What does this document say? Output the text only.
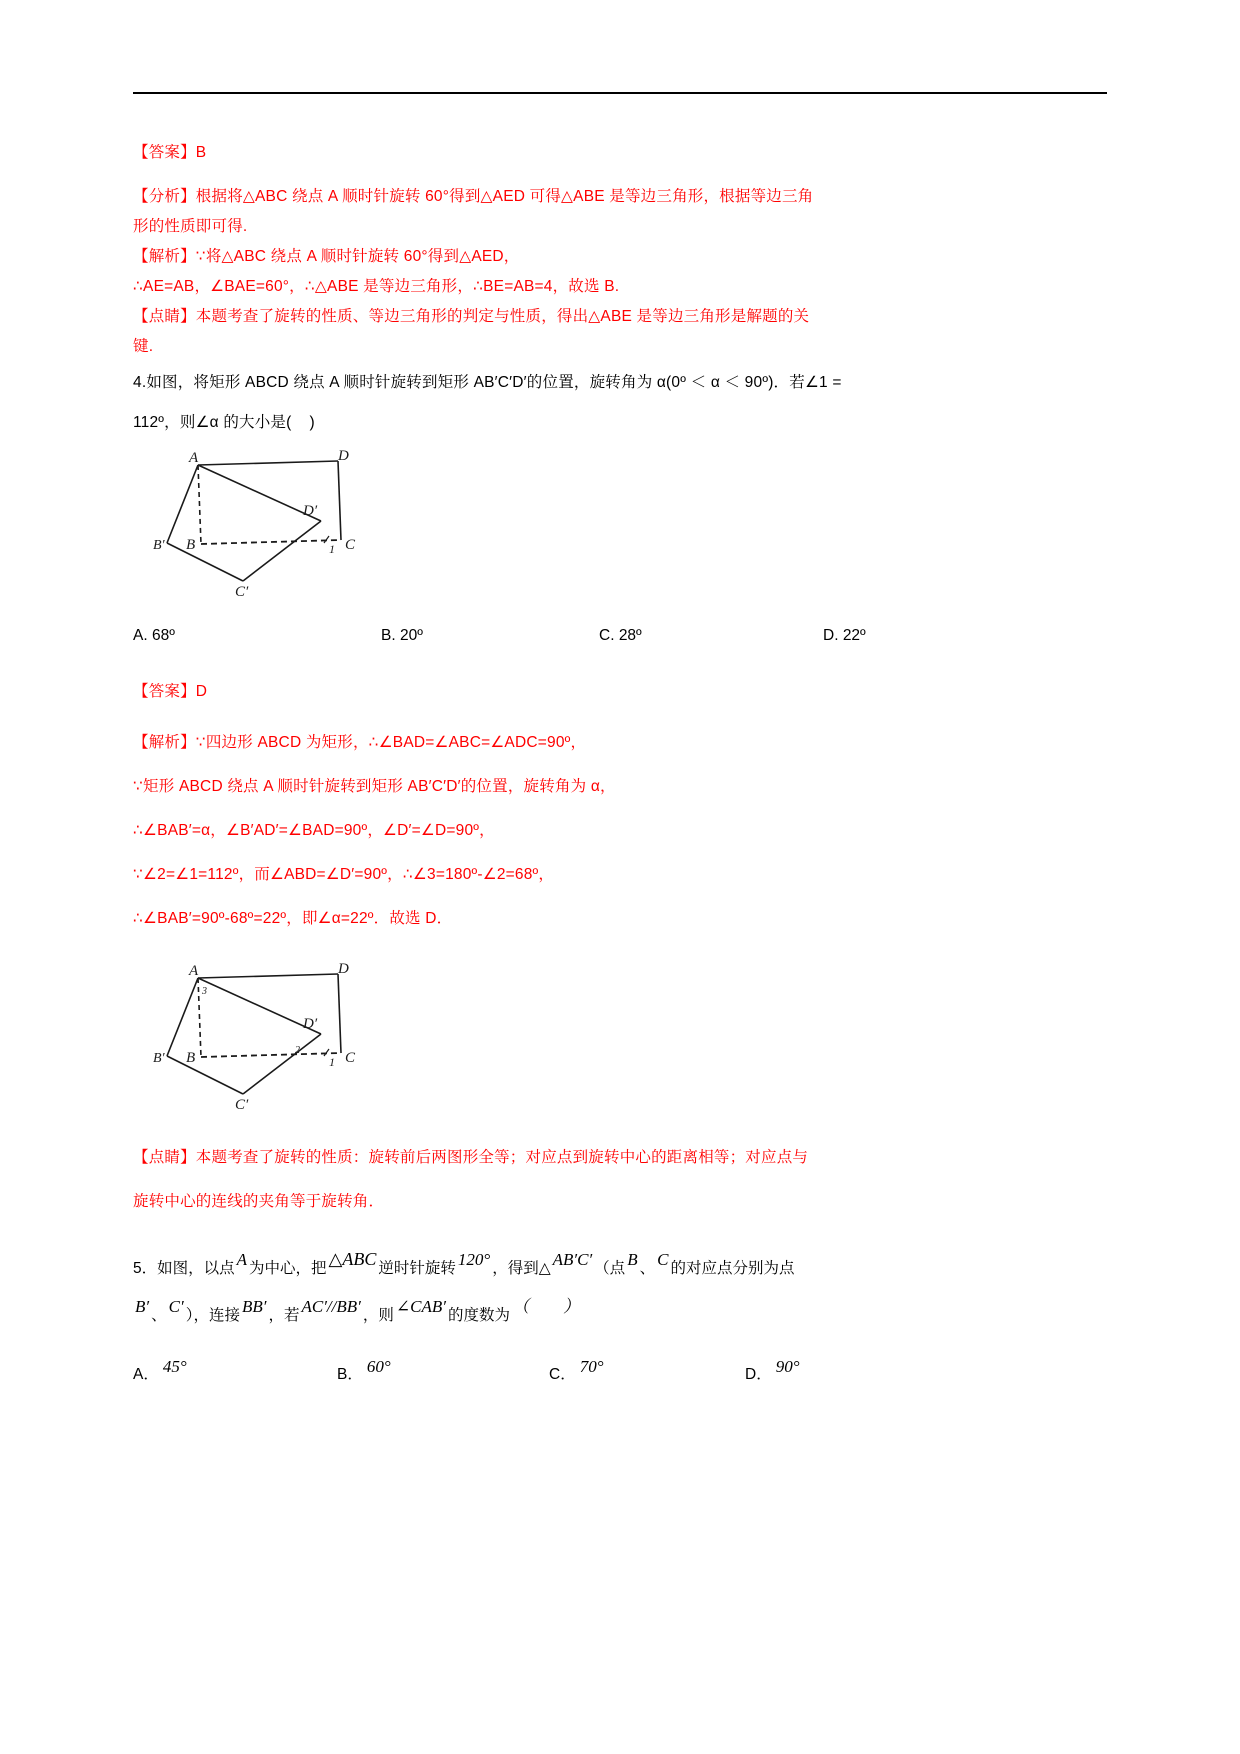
【答案】B

【分析】根据将△ABC 绕点 A 顺时针旋转 60°得到△AED 可得△ABE 是等边三角形，根据等边三角

形的性质即可得.

【解析】∵将△ABC 绕点 A 顺时针旋转 60°得到△AED，

∴AE=AB，∠BAE=60°，∴△ABE 是等边三角形，∴BE=AB=4，故选 B.

【点睛】本题考查了旋转的性质、等边三角形的判定与性质，得出△ABE 是等边三角形是解题的关

键.

4.如图，将矩形 ABCD 绕点 A 顺时针旋转到矩形 AB′C′D′的位置，旋转角为 α(0º ＜ α ＜ 90º)．若∠1 =

112º，则∠α 的大小是(    )

A	D
D′
B′ B	C
C′
1
A. 68º	B. 20º	C. 28º	D. 22º

【答案】D

【解析】∵四边形 ABCD 为矩形，∴∠BAD=∠ABC=∠ADC=90º，

∵矩形 ABCD 绕点 A 顺时针旋转到矩形 AB′C′D′的位置，旋转角为 α，

∴∠BAB′=α，∠B′AD′=∠BAD=90º，∠D′=∠D=90º，

∵∠2=∠1=112º，而∠ABD=∠D′=90º，∴∠3=180º-∠2=68º，

∴∠BAB′=90º-68º=22º，即∠α=22º．故选 D．

A	D
D′
B′ B	C
C′
1
3
2

【点睛】本题考查了旋转的性质：旋转前后两图形全等；对应点到旋转中心的距离相等；对应点与

旋转中心的连线的夹角等于旋转角．

5．如图，以点 A 为中心，把 △ABC 逆时针旋转 120° ，得到△ AB′C′ （点 B 、 C 的对应点分别为点

B′ 、 C′ ），连接 BB′ ，若 AC′//BB′ ，则 ∠CAB′ 的度数为 （        ）

A． 45°	B． 60°	C． 70°	D． 90°
